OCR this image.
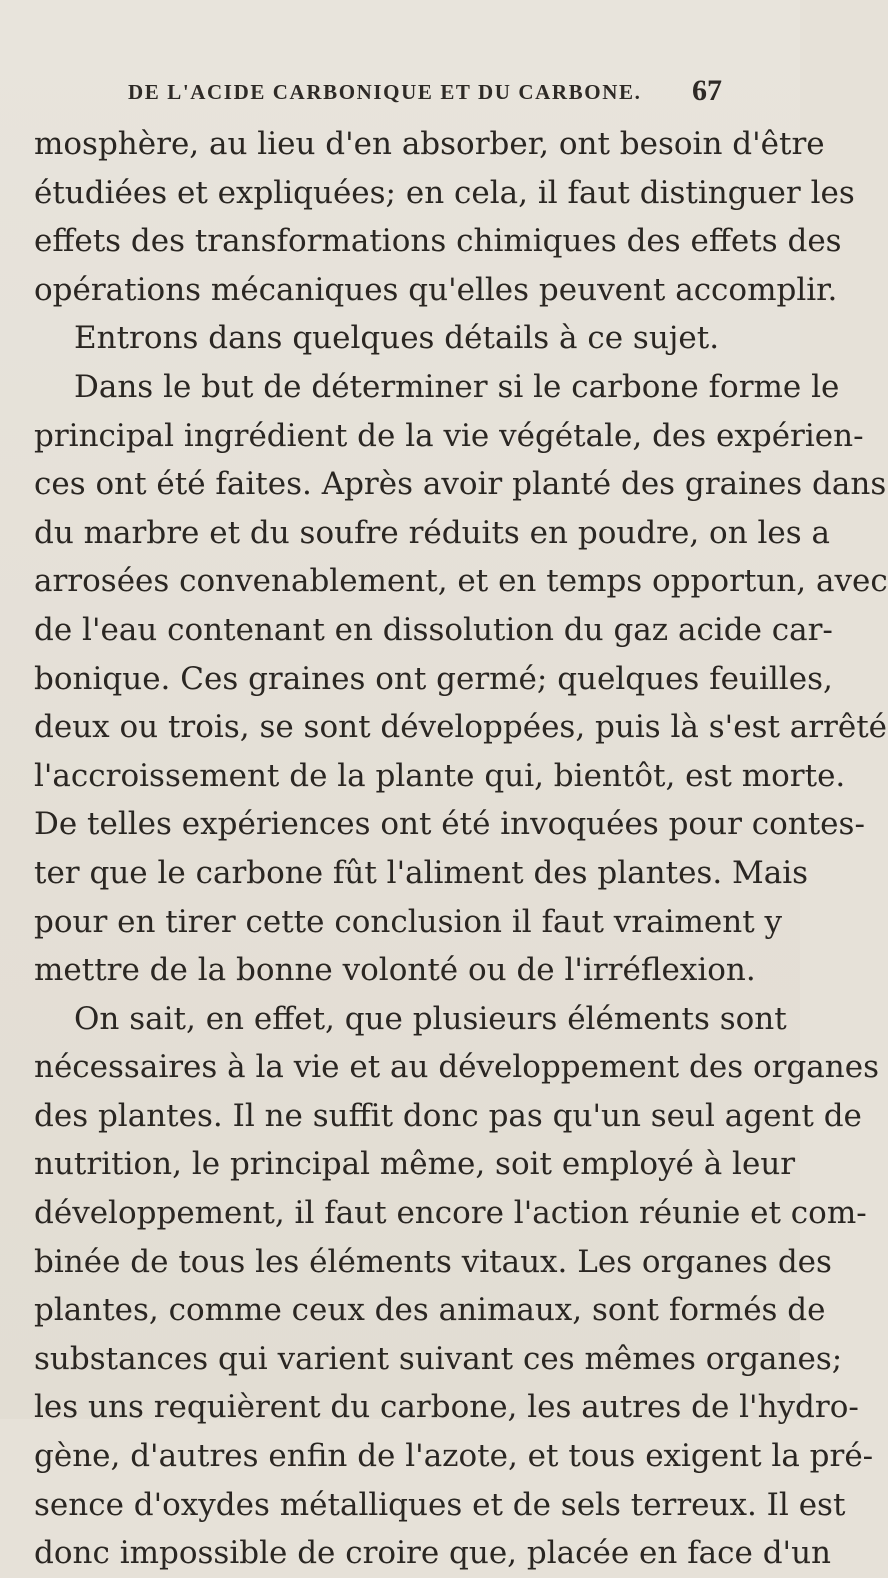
DE L'ACIDE CARBONIQUE ET DU CARBONE. 67
mosphère, au lieu d'en absorber, ont besoin d'être
étudiées et expliquées; en cela, il faut distinguer les
effets des transformations chimiques des effets des
opérations mécaniques qu'elles peuvent accomplir.
Entrons dans quelques détails à ce sujet.
Dans le but de déterminer si le carbone forme le
principal ingrédient de la vie végétale, des expérien-
ces ont été faites. Après avoir planté des graines dans
du marbre et du soufre réduits en poudre, on les a
arrosées convenablement, et en temps opportun, avec
de l'eau contenant en dissolution du gaz acide car-
bonique. Ces graines ont germé; quelques feuilles,
deux ou trois, se sont développées, puis là s'est arrêté
l'accroissement de la plante qui, bientôt, est morte.
De telles expériences ont été invoquées pour contes-
ter que le carbone fût l'aliment des plantes. Mais
pour en tirer cette conclusion il faut vraiment y
mettre de la bonne volonté ou de l'irréflexion.
On sait, en effet, que plusieurs éléments sont
nécessaires à la vie et au développement des organes
des plantes. Il ne suffit donc pas qu'un seul agent de
nutrition, le principal même, soit employé à leur
développement, il faut encore l'action réunie et com-
binée de tous les éléments vitaux. Les organes des
plantes, comme ceux des animaux, sont formés de
substances qui varient suivant ces mêmes organes;
les uns requièrent du carbone, les autres de l'hydro-
gène, d'autres enfin de l'azote, et tous exigent la pré-
sence d'oxydes métalliques et de sels terreux. Il est
donc impossible de croire que, placée en face d'un
